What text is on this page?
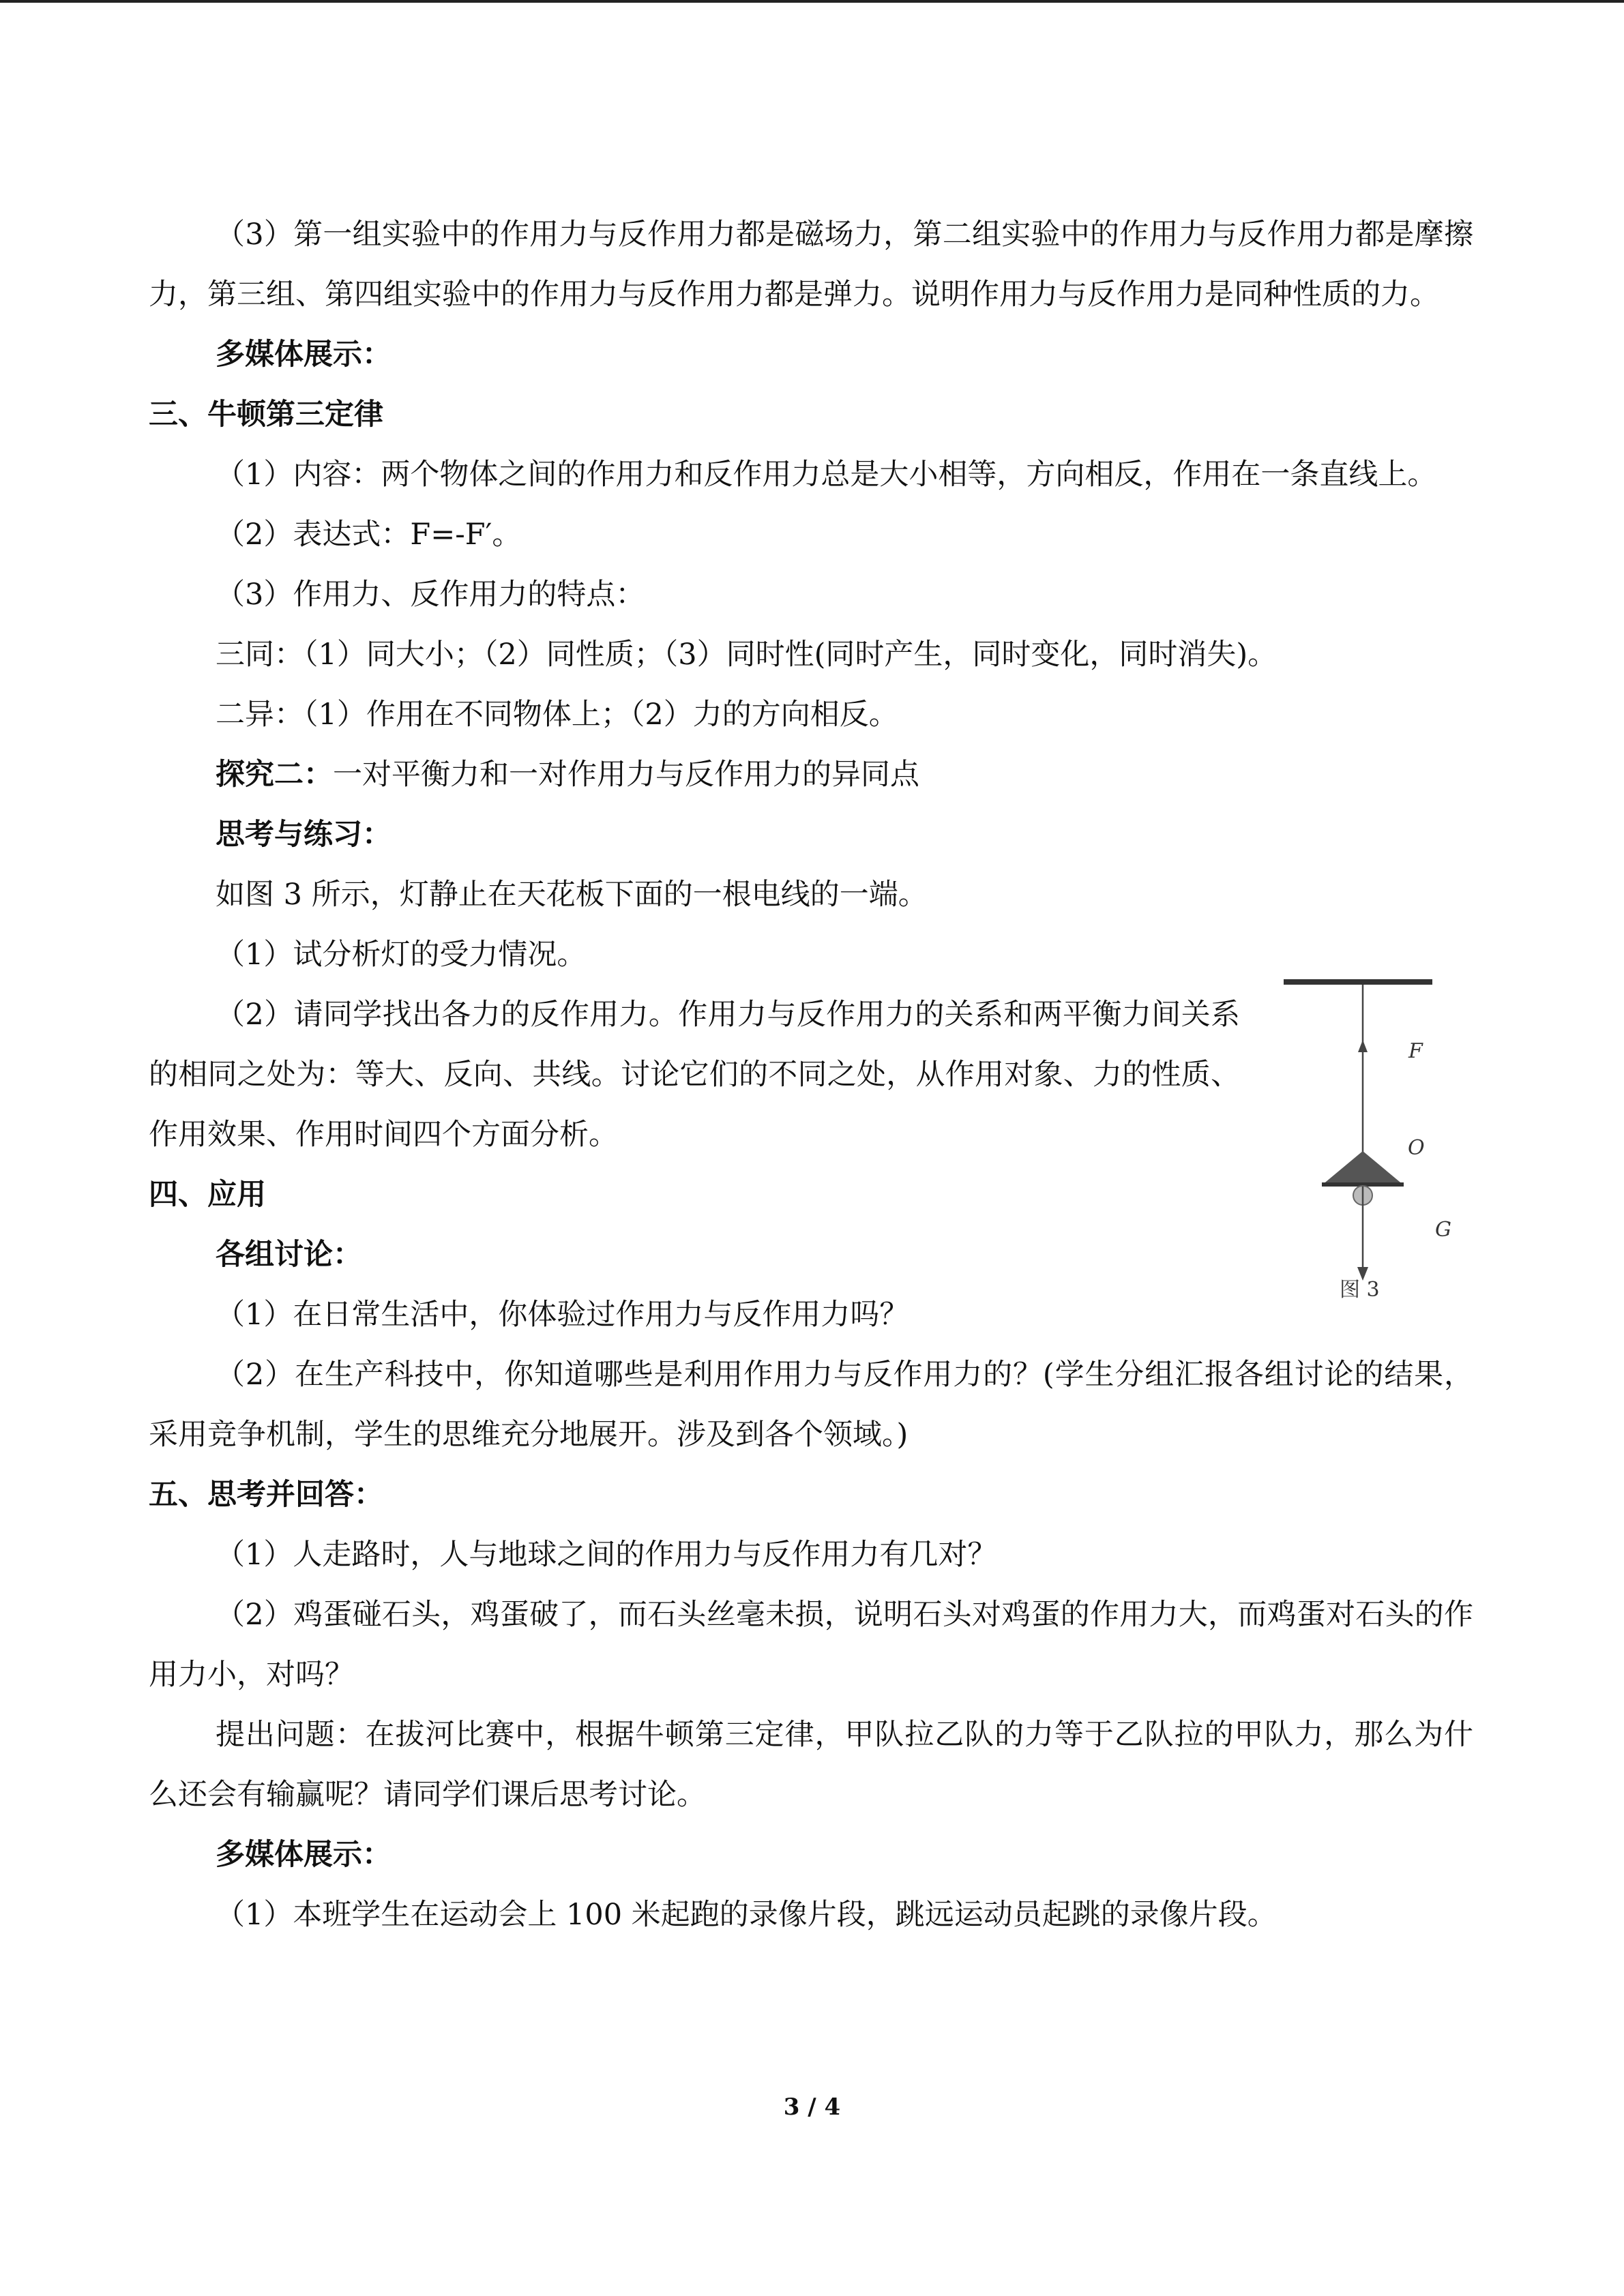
（3）第一组实验中的作用力与反作用力都是磁场力，第二组实验中的作用力与反作用力都是摩擦力，第三组、第四组实验中的作用力与反作用力都是弹力。说明作用力与反作用力是同种性质的力。

多媒体展示：

三、牛顿第三定律

（1）内容：两个物体之间的作用力和反作用力总是大小相等，方向相反，作用在一条直线上。

（2）表达式：F=-F′。

（3）作用力、反作用力的特点：

三同：（1）同大小；（2）同性质；（3）同时性(同时产生，同时变化，同时消失)。

二异：（1）作用在不同物体上；（2）力的方向相反。

探究二：一对平衡力和一对作用力与反作用力的异同点

思考与练习：

如图 3 所示，灯静止在天花板下面的一根电线的一端。

（1）试分析灯的受力情况。

（2）请同学找出各力的反作用力。作用力与反作用力的关系和两平衡力间关系的相同之处为：等大、反向、共线。讨论它们的不同之处，从作用对象、力的性质、作用效果、作用时间四个方面分析。

四、应用

各组讨论：

（1）在日常生活中，你体验过作用力与反作用力吗？

（2）在生产科技中，你知道哪些是利用作用力与反作用力的？(学生分组汇报各组讨论的结果，采用竞争机制，学生的思维充分地展开。涉及到各个领域。)

五、思考并回答：

（1）人走路时，人与地球之间的作用力与反作用力有几对？

（2）鸡蛋碰石头，鸡蛋破了，而石头丝毫未损，说明石头对鸡蛋的作用力大，而鸡蛋对石头的作用力小，对吗？

提出问题：在拔河比赛中，根据牛顿第三定律，甲队拉乙队的力等于乙队拉的甲队力，那么为什么还会有输赢呢？请同学们课后思考讨论。

多媒体展示：

（1）本班学生在运动会上 100 米起跑的录像片段，跳远运动员起跳的录像片段。

F
O
G
图 3
3 / 4
